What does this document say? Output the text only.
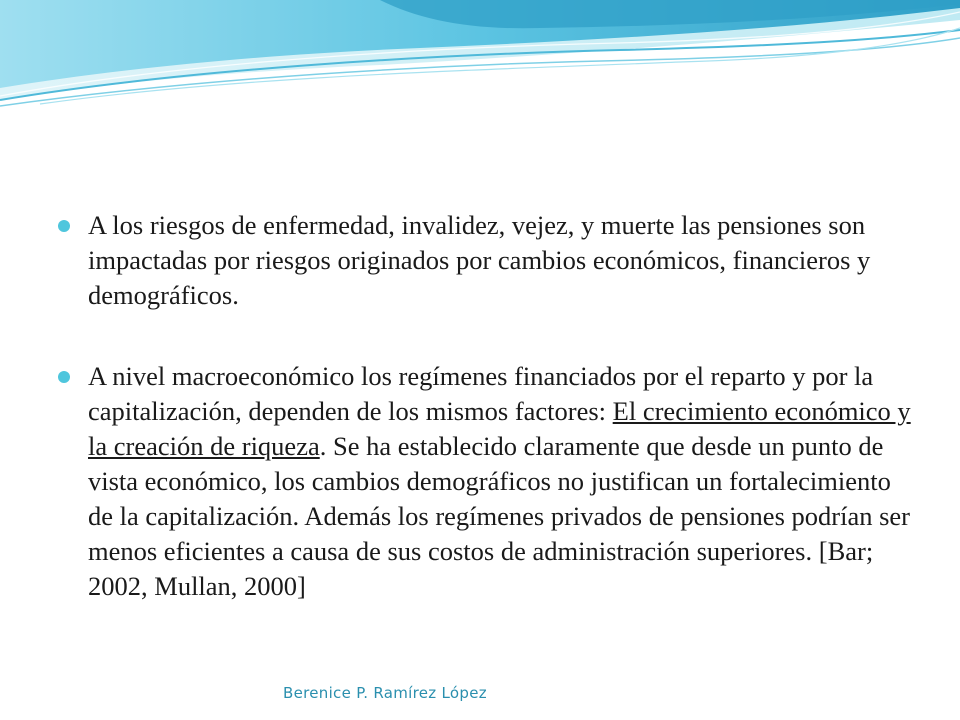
A los riesgos de enfermedad, invalidez, vejez, y muerte las pensiones son impactadas por riesgos originados por cambios económicos, financieros y demográficos.
A nivel macroeconómico los regímenes financiados por el reparto y por la capitalización, dependen de los mismos factores: El crecimiento económico y la creación de riqueza. Se ha establecido claramente que desde un punto de vista económico, los cambios demográficos no justifican un fortalecimiento de la capitalización. Además los regímenes privados de pensiones podrían ser menos eficientes a causa de sus costos de administración superiores. [Bar; 2002, Mullan, 2000]
Berenice P. Ramírez López
